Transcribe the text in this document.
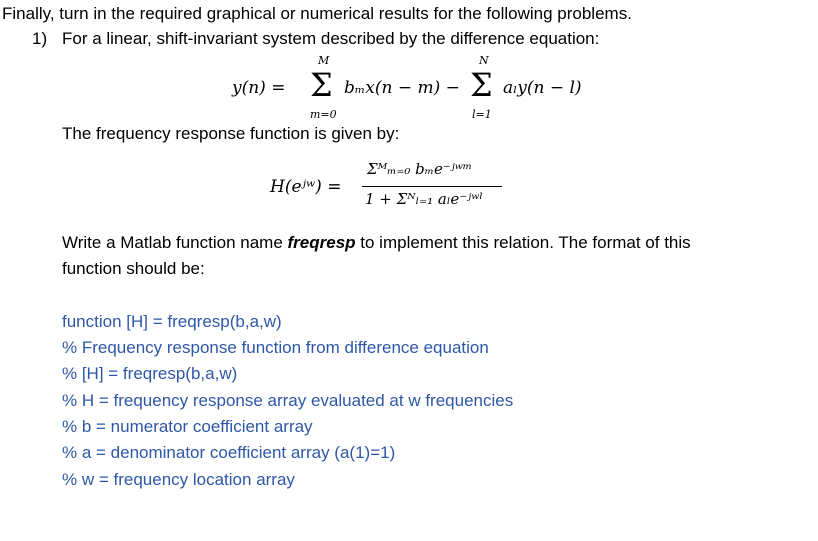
Finally, turn in the required graphical or numerical results for the following problems.
1) For a linear, shift-invariant system described by the difference equation:
y(n) =
M
Σ
m=0
bₘx(n − m) −
N
Σ
l=1
aₗy(n − l)
The frequency response function is given by:
H(eʲʷ) =
Σᴹₘ₌₀ bₘe⁻ʲʷᵐ
1 + Σᴺₗ₌₁ aₗe⁻ʲʷˡ
Write a Matlab function name freqresp to implement this relation. The format of this
function should be:
function [H] = freqresp(b,a,w)
% Frequency response function from difference equation
% [H] = freqresp(b,a,w)
% H = frequency response array evaluated at w frequencies
% b = numerator coefficient array
% a = denominator coefficient array (a(1)=1)
% w = frequency location array
